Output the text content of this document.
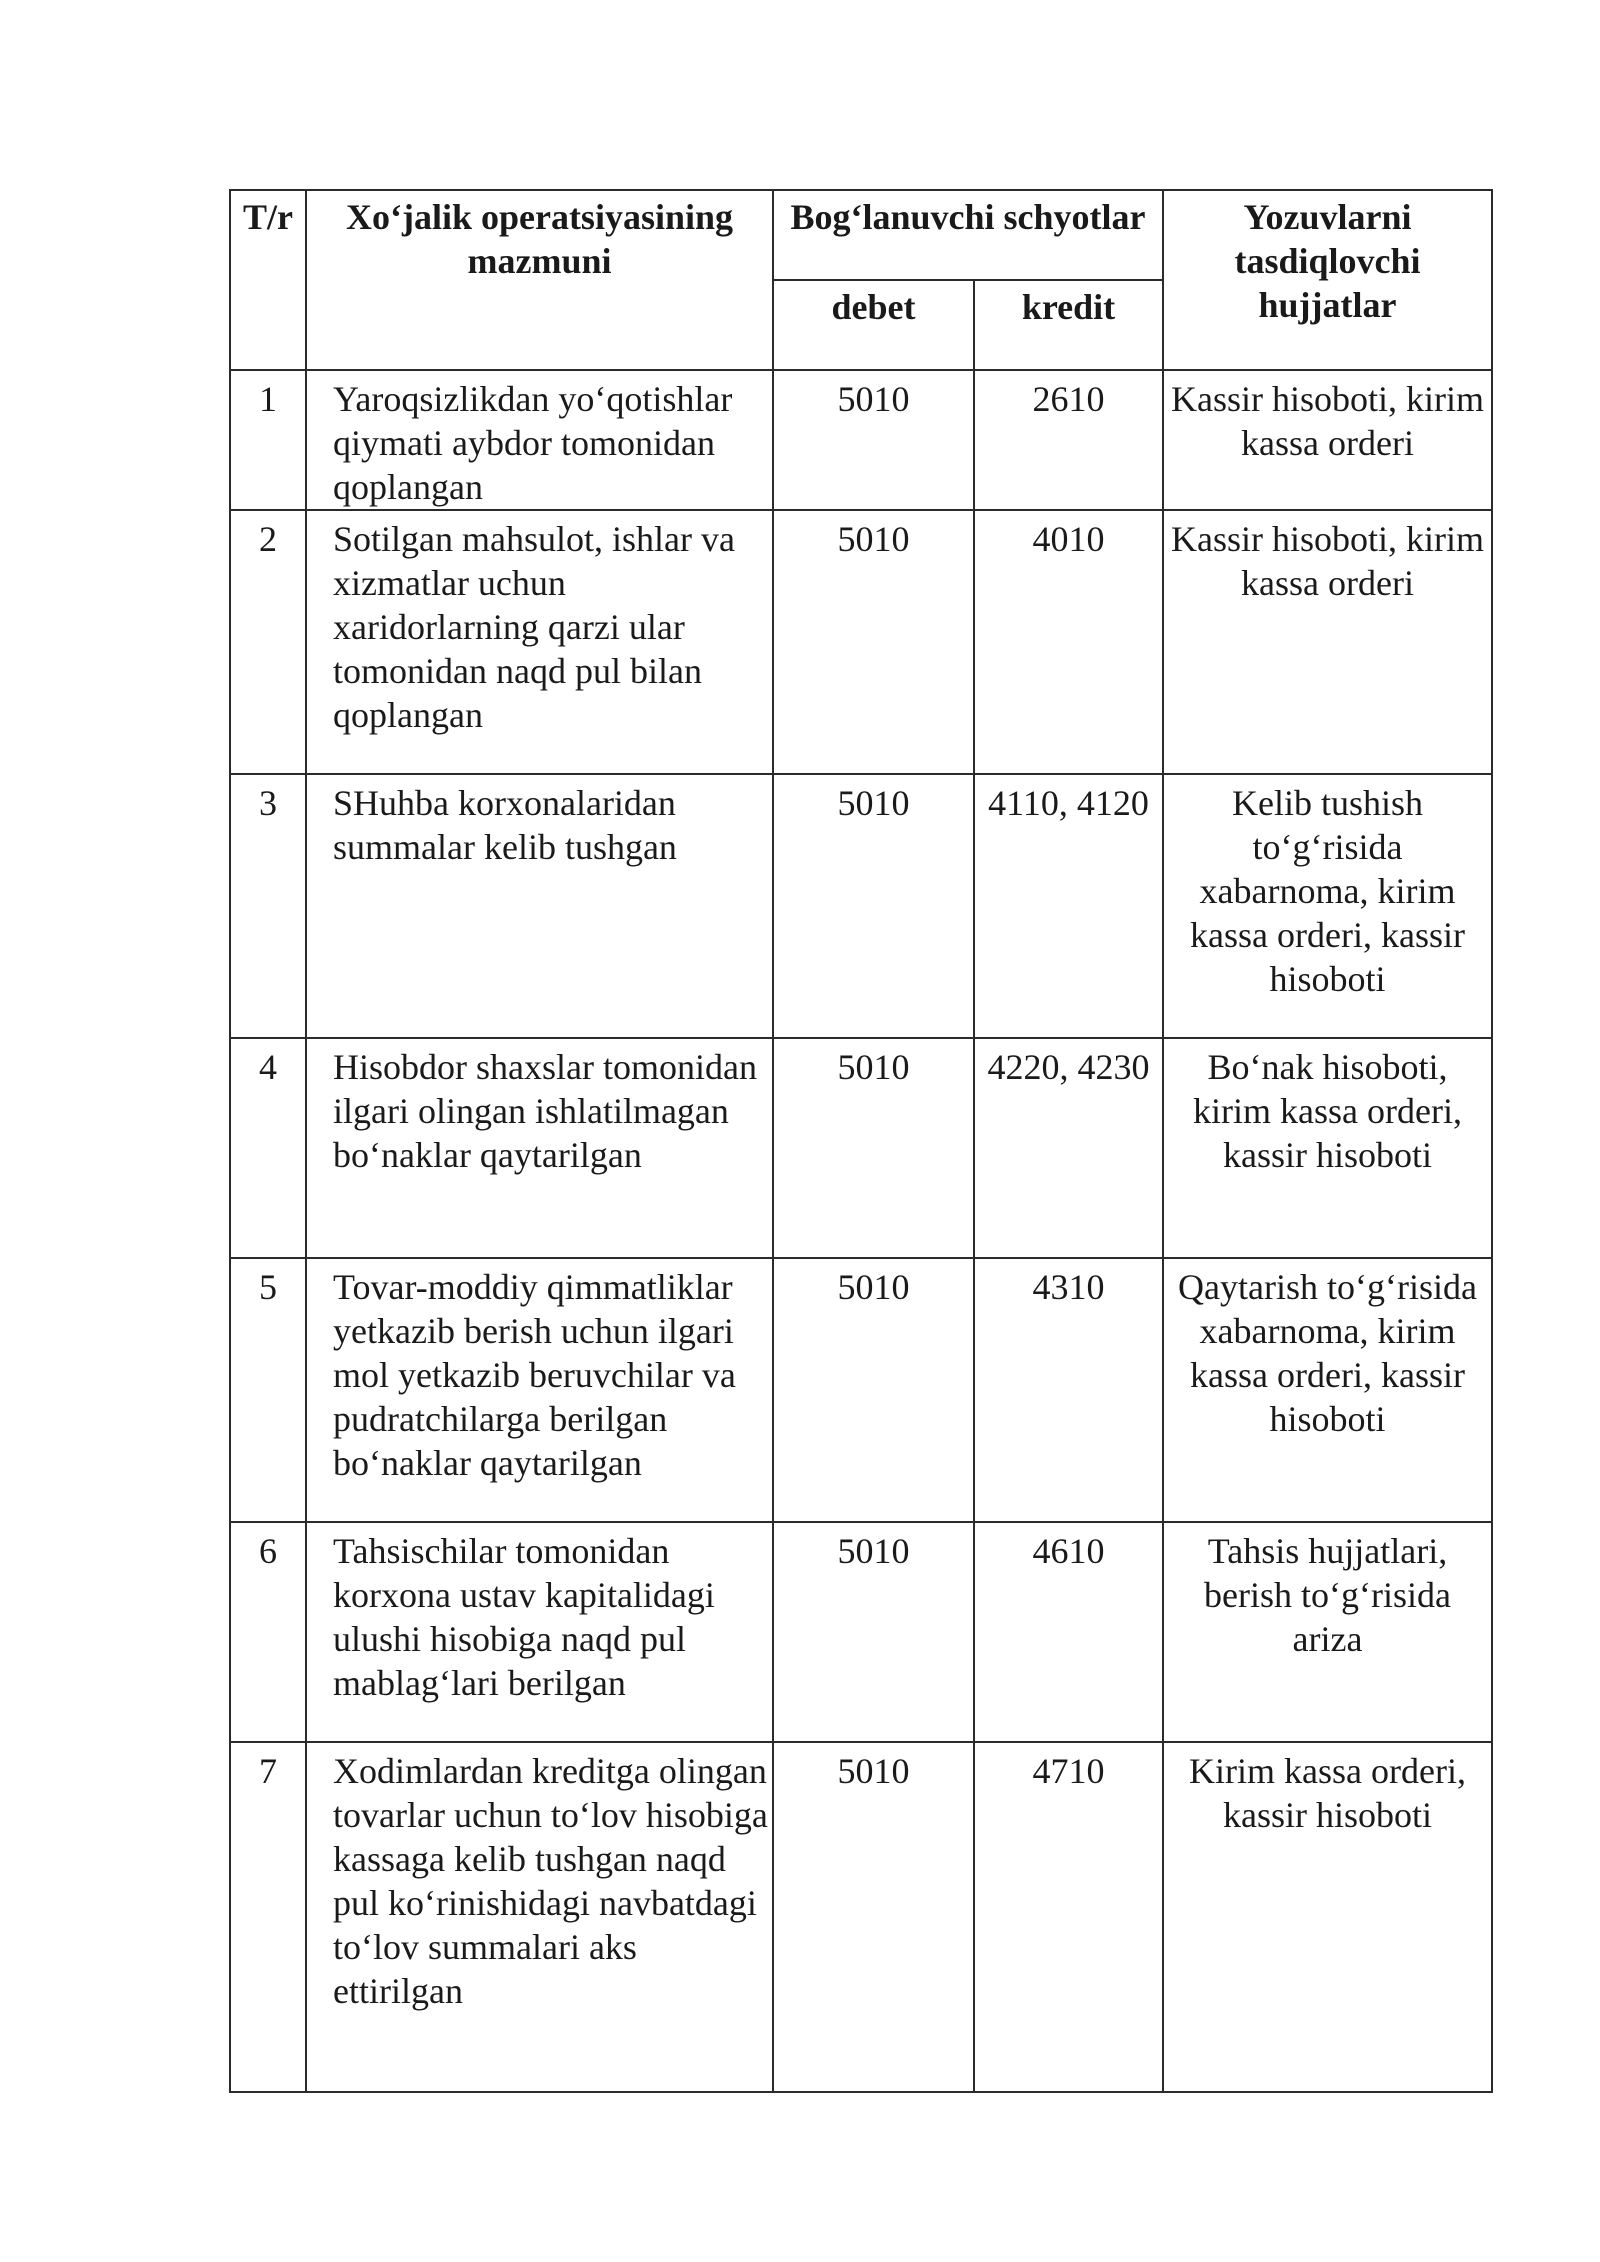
T/r	Xo‘jalik operatsiyasining mazmuni	Bog‘lanuvchi schyotlar		Yozuvlarni tasdiqlovchi hujjatlar
		debet	kredit	
1	Yaroqsizlikdan yo‘qotishlar qiymati aybdor tomonidan qoplangan	5010	2610	Kassir hisoboti, kirim kassa orderi
2	Sotilgan mahsulot, ishlar va xizmatlar uchun xaridorlarning qarzi ular tomonidan naqd pul bilan qoplangan	5010	4010	Kassir hisoboti, kirim kassa orderi
3	SHuhba korxonalaridan summalar kelib tushgan	5010	4110, 4120	Kelib tushish to‘g‘risida xabarnoma, kirim kassa orderi, kassir hisoboti
4	Hisobdor shaxslar tomonidan ilgari olingan ishlatilmagan bo‘naklar qaytarilgan	5010	4220, 4230	Bo‘nak hisoboti, kirim kassa orderi, kassir hisoboti
5	Tovar-moddiy qimmatliklar yetkazib berish uchun ilgari mol yetkazib beruvchilar va pudratchilarga berilgan bo‘naklar qaytarilgan	5010	4310	Qaytarish to‘g‘risida xabarnoma, kirim kassa orderi, kassir hisoboti
6	Tahsischilar tomonidan korxona ustav kapitalidagi ulushi hisobiga naqd pul mablag‘lari berilgan	5010	4610	Tahsis hujjatlari, berish to‘g‘risida ariza
7	Xodimlardan kreditga olingan tovarlar uchun to‘lov hisobiga kassaga kelib tushgan naqd pul ko‘rinishidagi navbatdagi to‘lov summalari aks ettirilgan	5010	4710	Kirim kassa orderi, kassir hisoboti
